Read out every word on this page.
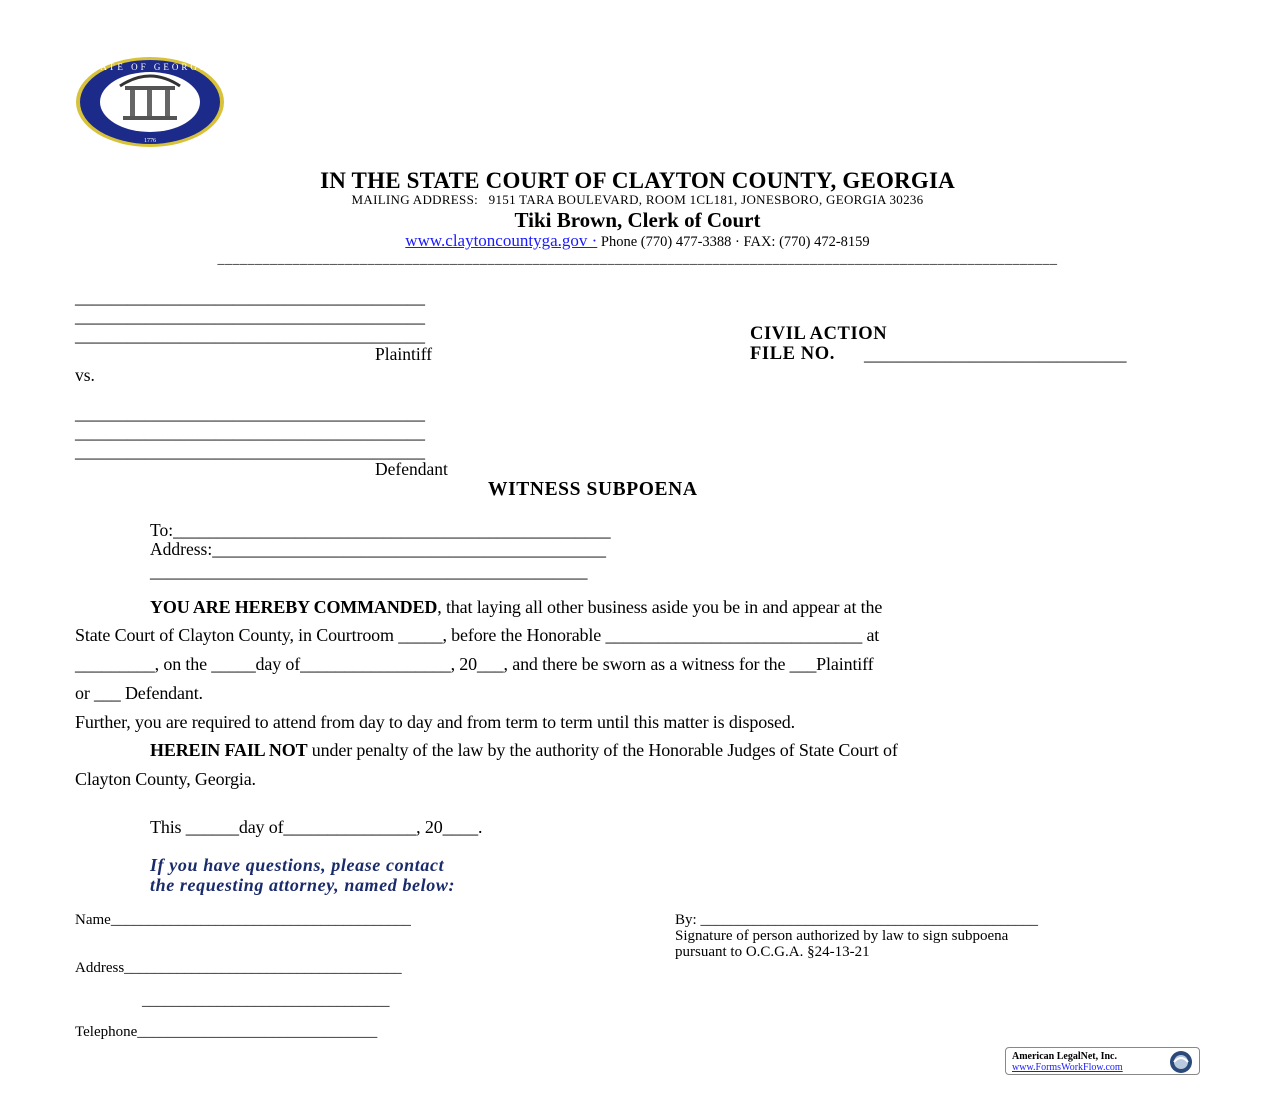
1776
STATE OF GEORGIA
IN THE STATE COURT OF CLAYTON COUNTY, GEORGIA
MAILING ADDRESS:   9151 TARA BOULEVARD, ROOM 1CL181, JONESBORO, GEORGIA 30236
Tiki Brown, Clerk of Court
www.claytoncountyga.gov · Phone (770) 477-3388 · FAX: (770) 472-8159
________________________________________________________________________________________________________________
________________________________________
________________________________________
________________________________________
Plaintiff
vs.
CIVIL ACTION
FILE NO. ______________________________
________________________________________
________________________________________
________________________________________
Defendant
WITNESS SUBPOENA
To:__________________________________________________
Address:_____________________________________________
__________________________________________________
YOU ARE HEREBY COMMANDED, that laying all other business aside you be in and appear at the
State Court of Clayton County, in Courtroom _____, before the Honorable _____________________________ at
_________, on the _____day of_________________, 20___, and there be sworn as a witness for the ___Plaintiff
or ___ Defendant.
Further, you are required to attend from day to day and from term to term until this matter is disposed.
HEREIN FAIL NOT under penalty of the law by the authority of the Honorable Judges of State Court of
Clayton County, Georgia.
This ______day of_______________, 20____.
If you have questions, please contact
the requesting attorney, named below:
Name________________________________________
Address_____________________________________
_________________________________
Telephone________________________________
By: _____________________________________________
Signature of person authorized by law to sign subpoena
pursuant to O.C.G.A. §24-13-21
American LegalNet, Inc.
www.FormsWorkFlow.com
